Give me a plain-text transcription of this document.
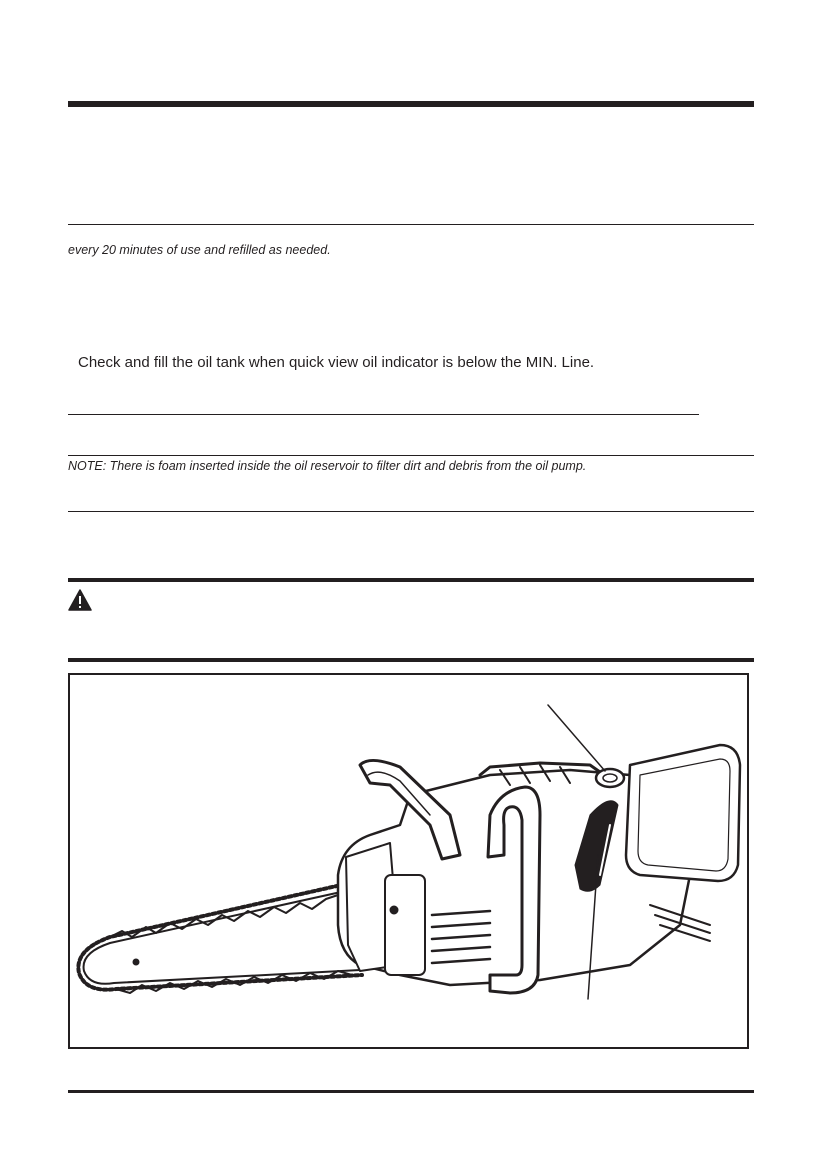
every 20 minutes of use and refilled as needed.
Check and fill the oil tank when quick view oil indicator is below the MIN. Line.
NOTE: There is foam inserted inside the oil reservoir to filter dirt and debris from the oil pump.
